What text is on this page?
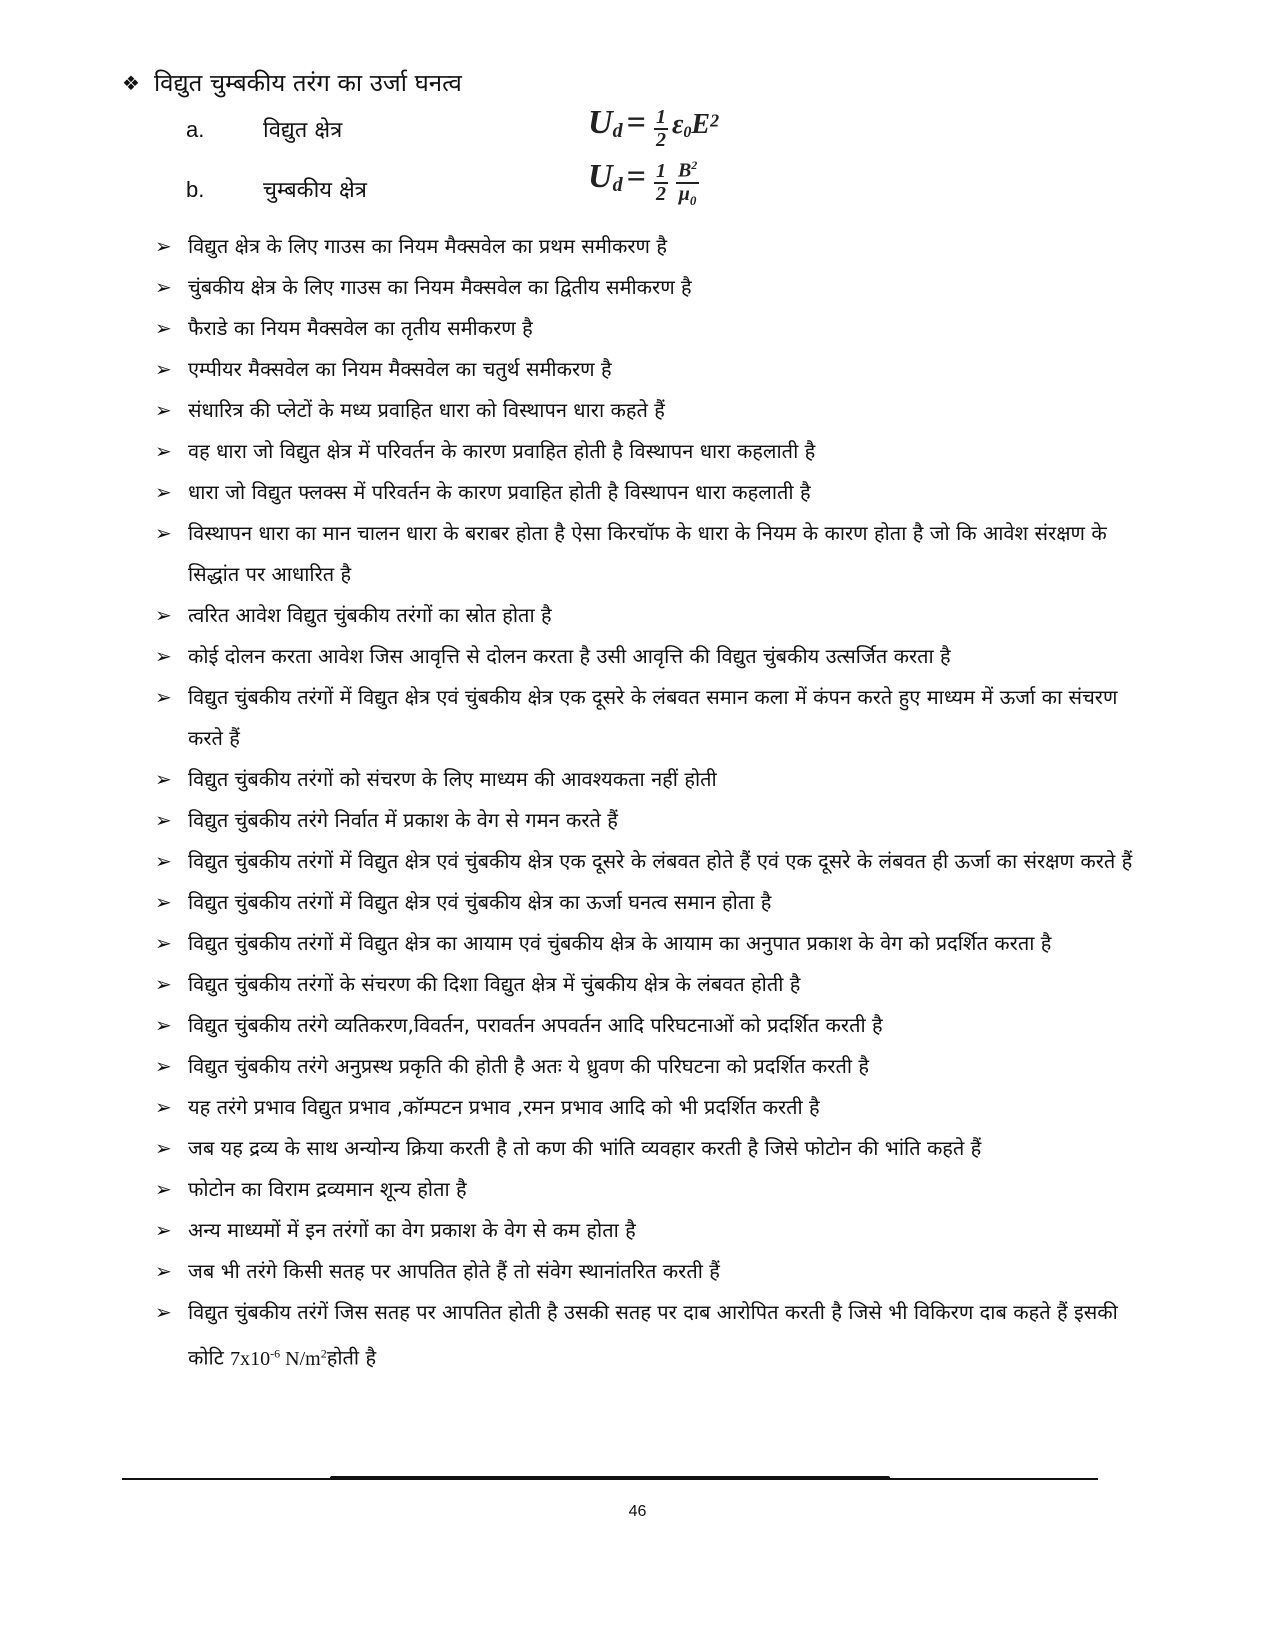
❖ विद्युत चुम्बकीय तरंग का उर्जा घनत्व
a.	विद्युत क्षेत्र
b.	चुम्बकीय क्षेत्र
$U_d = \frac{1}{2} \varepsilon_0E^2$
$U_d = \frac{1}{2} \frac{B^2}{\mu_0}$
➢ विद्युत क्षेत्र के लिए गाउस का नियम मैक्सवेल का प्रथम समीकरण है
➢ चुंबकीय क्षेत्र के लिए गाउस का नियम मैक्सवेल का द्वितीय समीकरण है
➢ फैराडे का नियम मैक्सवेल का तृतीय समीकरण है
➢ एम्पीयर मैक्सवेल का नियम मैक्सवेल का चतुर्थ समीकरण है
➢ संधारित्र की प्लेटों के मध्य प्रवाहित धारा को विस्थापन धारा कहते हैं
➢ वह धारा जो विद्युत क्षेत्र में परिवर्तन के कारण प्रवाहित होती है विस्थापन धारा कहलाती है
➢ धारा जो विद्युत फ्लक्स में परिवर्तन के कारण प्रवाहित होती है विस्थापन धारा कहलाती है
➢ विस्थापन धारा का मान चालन धारा के बराबर होता है ऐसा किरचॉफ के धारा के नियम के कारण होता है जो कि आवेश संरक्षण के सिद्धांत पर आधारित है
➢ त्वरित आवेश विद्युत चुंबकीय तरंगों का स्रोत होता है
➢ कोई दोलन करता आवेश जिस आवृत्ति से दोलन करता है उसी आवृत्ति की विद्युत चुंबकीय उत्सर्जित करता है
➢ विद्युत चुंबकीय तरंगों में विद्युत क्षेत्र एवं चुंबकीय क्षेत्र एक दूसरे के लंबवत समान कला में कंपन करते हुए माध्यम में ऊर्जा का संचरण करते हैं
➢ विद्युत चुंबकीय तरंगों को संचरण के लिए माध्यम की आवश्यकता नहीं होती
➢ विद्युत चुंबकीय तरंगे निर्वात में प्रकाश के वेग से गमन करते हैं
➢ विद्युत चुंबकीय तरंगों में विद्युत क्षेत्र एवं चुंबकीय क्षेत्र एक दूसरे के लंबवत होते हैं एवं एक दूसरे के लंबवत ही ऊर्जा का संरक्षण करते हैं
➢ विद्युत चुंबकीय तरंगों में विद्युत क्षेत्र एवं चुंबकीय क्षेत्र का ऊर्जा घनत्व समान होता है
➢ विद्युत चुंबकीय तरंगों में विद्युत क्षेत्र का आयाम एवं चुंबकीय क्षेत्र के आयाम का अनुपात प्रकाश के वेग को प्रदर्शित करता है
➢ विद्युत चुंबकीय तरंगों के संचरण की दिशा विद्युत क्षेत्र में चुंबकीय क्षेत्र के लंबवत होती है
➢ विद्युत चुंबकीय तरंगे व्यतिकरण,विवर्तन, परावर्तन अपवर्तन आदि परिघटनाओं को प्रदर्शित करती है
➢ विद्युत चुंबकीय तरंगे अनुप्रस्थ प्रकृति की होती है अतः ये ध्रुवण की परिघटना को प्रदर्शित करती है
➢ यह तरंगे प्रभाव विद्युत प्रभाव ,कॉम्पटन प्रभाव ,रमन प्रभाव आदि को भी प्रदर्शित करती है
➢ जब यह द्रव्य के साथ अन्योन्य क्रिया करती है तो कण की भांति व्यवहार करती है जिसे फोटोन की भांति कहते हैं
➢ फोटोन का विराम द्रव्यमान शून्य होता है
➢ अन्य माध्यमों में इन तरंगों का वेग प्रकाश के वेग से कम होता है
➢ जब भी तरंगे किसी सतह पर आपतित होते हैं तो संवेग स्थानांतरित करती हैं
➢ विद्युत चुंबकीय तरंगें जिस सतह पर आपतित होती है उसकी सतह पर दाब आरोपित करती है जिसे भी विकिरण दाब कहते हैं इसकी कोटि $7x10^{-6}$ $N/m^2होती$ है
46
